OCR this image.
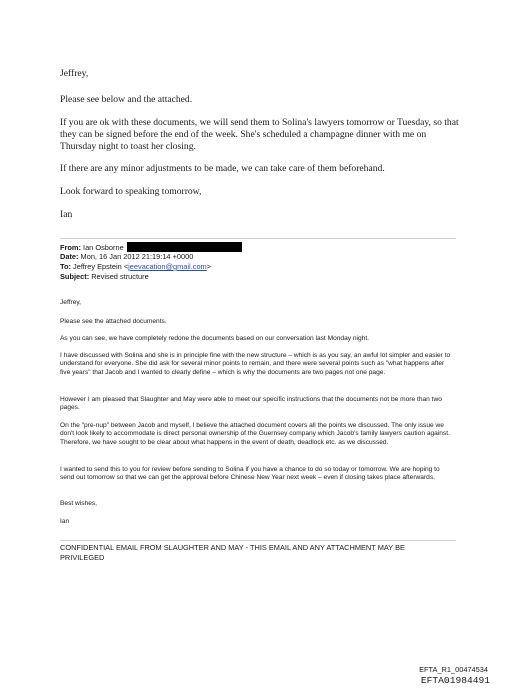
Jeffrey,

Please see below and the attached.

If you are ok with these documents, we will send them to Solina's lawyers tomorrow or Tuesday, so that they can be signed before the end of the week. She's scheduled a champagne dinner with me on Thursday night to toast her closing.

If there are any minor adjustments to be made, we can take care of them beforehand.

Look forward to speaking tomorrow,

Ian

From: Ian Osborne
Date: Mon, 16 Jan 2012 21:19:14 +0000
To: Jeffrey Epstein <jeevacation@gmail.com>
Subject: Revised structure

Jeffrey,

Please see the attached documents.

As you can see, we have completely redone the documents based on our conversation last Monday night.

I have discussed with Solina and she is in principle fine with the new structure – which is as you say, an awful lot simpler and easier to understand for everyone. She did ask for several minor points to remain, and there were several points such as "what happens after five years" that Jacob and I wanted to clearly define – which is why the documents are two pages not one page.

However I am pleased that Slaughter and May were able to meet our specific instructions that the documents not be more than two pages.

On the "pre-nup" between Jacob and myself, I believe the attached document covers all the points we discussed. The only issue we don't look likely to accommodate is direct personal ownership of the Guernsey company which Jacob's family lawyers caution against. Therefore, we have sought to be clear about what happens in the event of death, deadlock etc. as we discussed.

I wanted to send this to you for review before sending to Solina if you have a chance to do so today or tomorrow. We are hoping to send out tomorrow so that we can get the approval before Chinese New Year next week – even if closing takes place afterwards.

Best wishes,

Ian

CONFIDENTIAL EMAIL FROM SLAUGHTER AND MAY - THIS EMAIL AND ANY ATTACHMENT MAY BE PRIVILEGED

EFTA_R1_00474534
EFTA01984491
